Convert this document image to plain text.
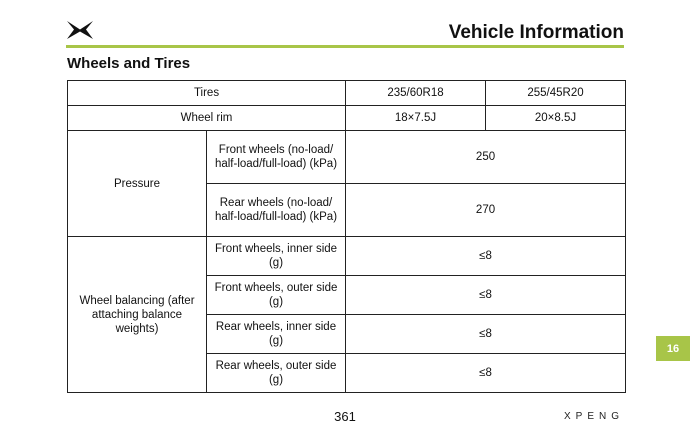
Vehicle Information
Wheels and Tires
Tires		235/60R18	255/45R20
Wheel rim		18×7.5J	20×8.5J
Pressure	Front wheels (no-load/ half-load/full-load) (kPa)	250	
	Rear wheels (no-load/ half-load/full-load) (kPa)	270	
Wheel balancing (after attaching balance weights)	Front wheels, inner side (g)	≤8	
	Front wheels, outer side (g)	≤8	
	Rear wheels, inner side (g)	≤8	
	Rear wheels, outer side (g)	≤8	
16
361	XPENG
